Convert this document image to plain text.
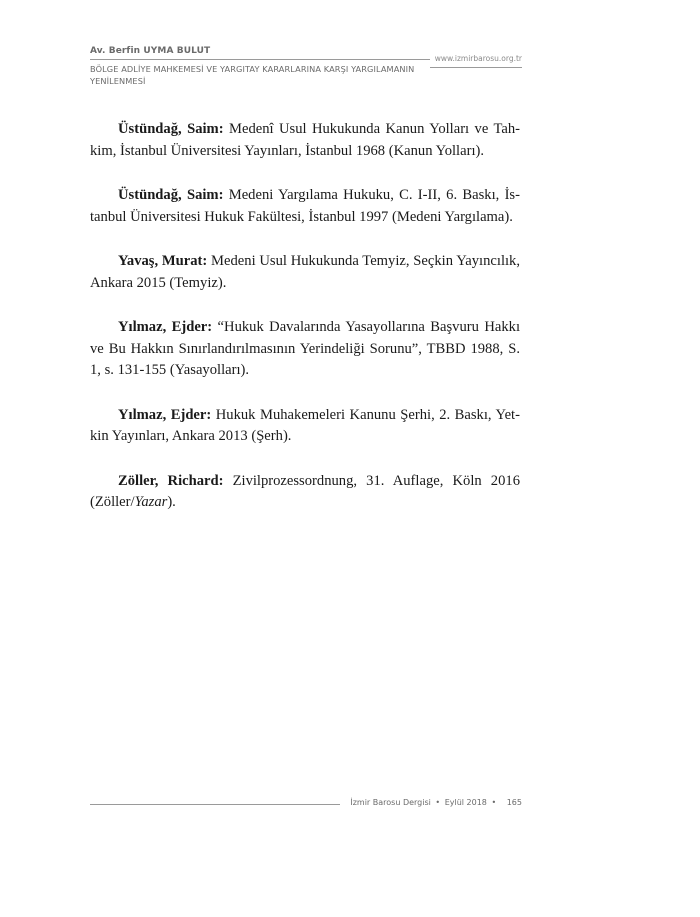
Av. Berfin UYMA BULUT
www.izmirbarosu.org.tr
BÖLGE ADLİYE MAHKEMESİ VE YARGITAY KARARLARINA KARŞI YARGILAMANIN YENİLENMESİ

Üstündağ, Saim: Medenî Usul Hukukunda Kanun Yolları ve Tahkim, İstanbul Üniversitesi Yayınları, İstanbul 1968 (Kanun Yolları).

Üstündağ, Saim: Medeni Yargılama Hukuku, C. I-II, 6. Baskı, İstanbul Üniversitesi Hukuk Fakültesi, İstanbul 1997 (Medeni Yargılama).

Yavaş, Murat: Medeni Usul Hukukunda Temyiz, Seçkin Yayıncılık, Ankara 2015 (Temyiz).

Yılmaz, Ejder: “Hukuk Davalarında Yasayollarına Başvuru Hakkı ve Bu Hakkın Sınırlandırılmasının Yerindeliği Sorunu”, TBBD 1988, S. 1, s. 131-155 (Yasayolları).

Yılmaz, Ejder: Hukuk Muhakemeleri Kanunu Şerhi, 2. Baskı, Yetkin Yayınları, Ankara 2013 (Şerh).

Zöller, Richard: Zivilprozessordnung, 31. Auflage, Köln 2016 (Zöller/Yazar).

İzmir Barosu Dergisi • Eylül 2018 • 165
